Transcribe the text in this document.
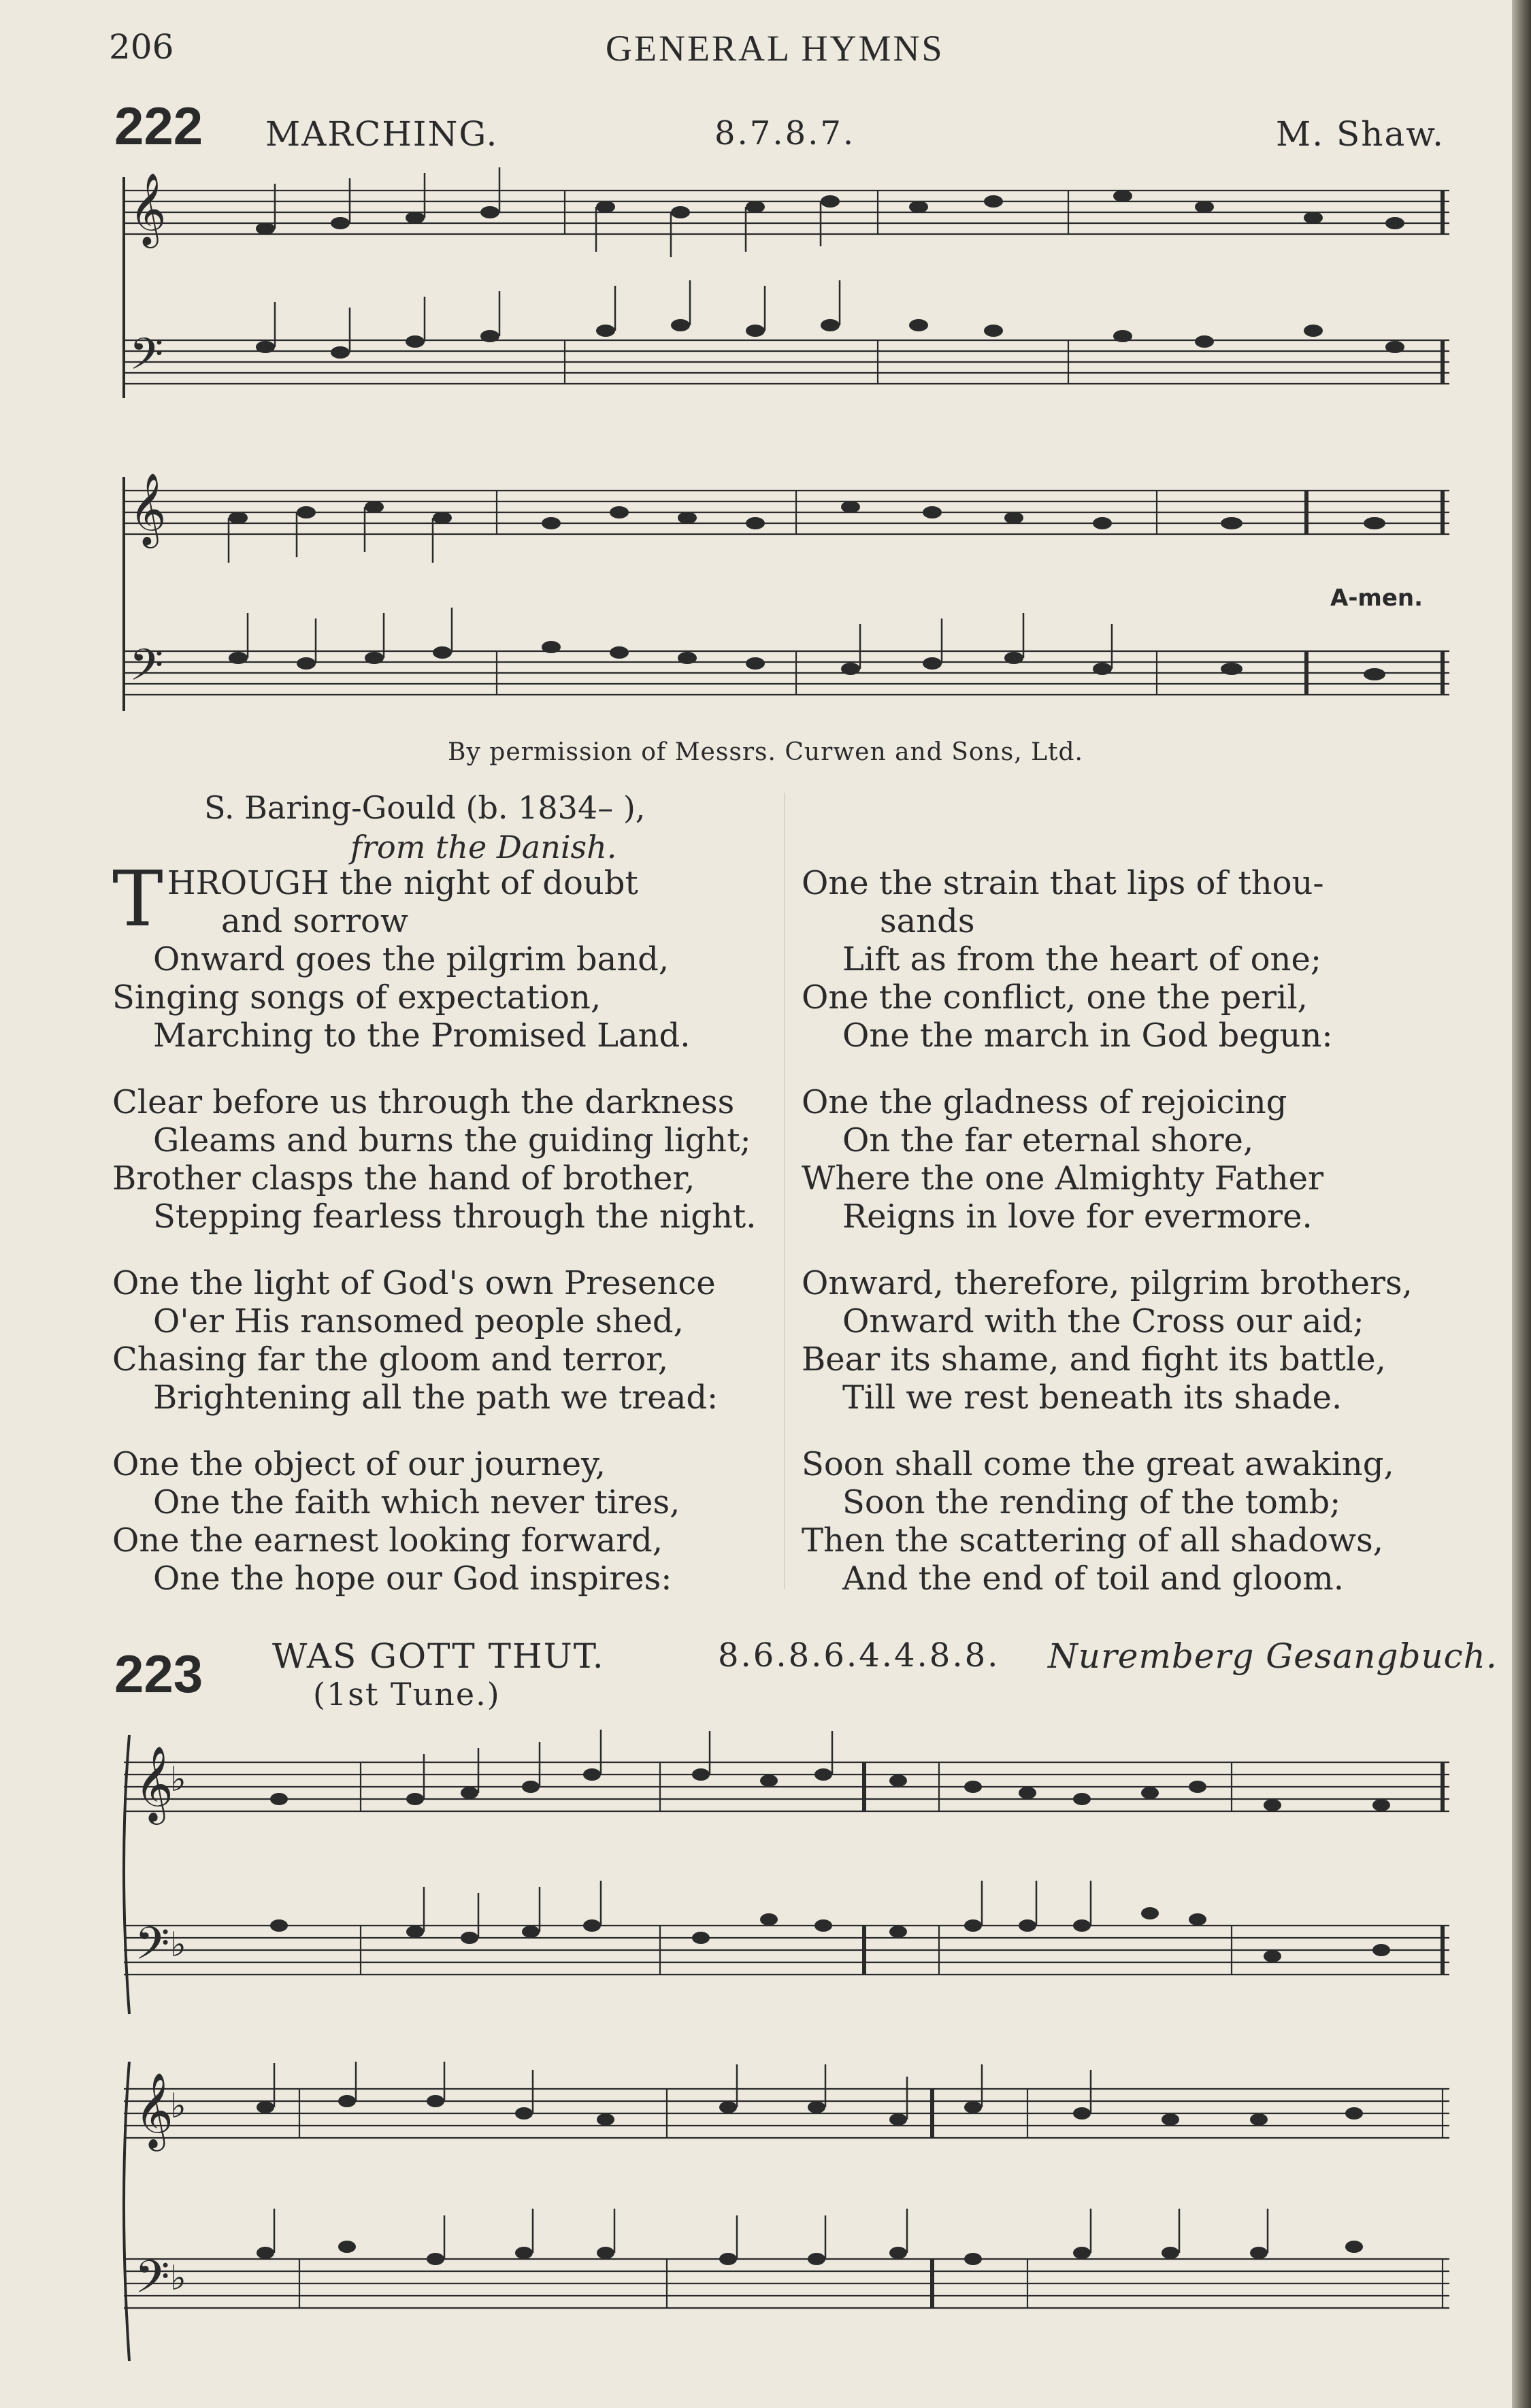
206	GENERAL HYMNS
222 MARCHING.	8.7.8.7.	M. Shaw.
𝄞
𝄢
𝄞
𝄢
A-men.
By permission of Messrs. Curwen and Sons, Ltd.
S. Baring-Gould (b. 1834– ),
from the Danish.
T HROUGH the night of doubt
and sorrow
Onward goes the pilgrim band,
Singing songs of expectation,
Marching to the Promised Land.
Clear before us through the darkness
Gleams and burns the guiding light;
Brother clasps the hand of brother,
Stepping fearless through the night.
One the light of God's own Presence
O'er His ransomed people shed,
Chasing far the gloom and terror,
Brightening all the path we tread:
One the object of our journey,
One the faith which never tires,
One the earnest looking forward,
One the hope our God inspires:
One the strain that lips of thou-
sands
Lift as from the heart of one;
One the conflict, one the peril,
One the march in God begun:
One the gladness of rejoicing
On the far eternal shore,
Where the one Almighty Father
Reigns in love for evermore.
Onward, therefore, pilgrim brothers,
Onward with the Cross our aid;
Bear its shame, and fight its battle,
Till we rest beneath its shade.
Soon shall come the great awaking,
Soon the rending of the tomb;
Then the scattering of all shadows,
And the end of toil and gloom.
223 WAS GOTT THUT.
(1st Tune.)
8.6.8.6.4.4.8.8. Nuremberg Gesangbuch.
𝄞
♭
𝄢 ♭
𝄞
♭
𝄢 ♭
